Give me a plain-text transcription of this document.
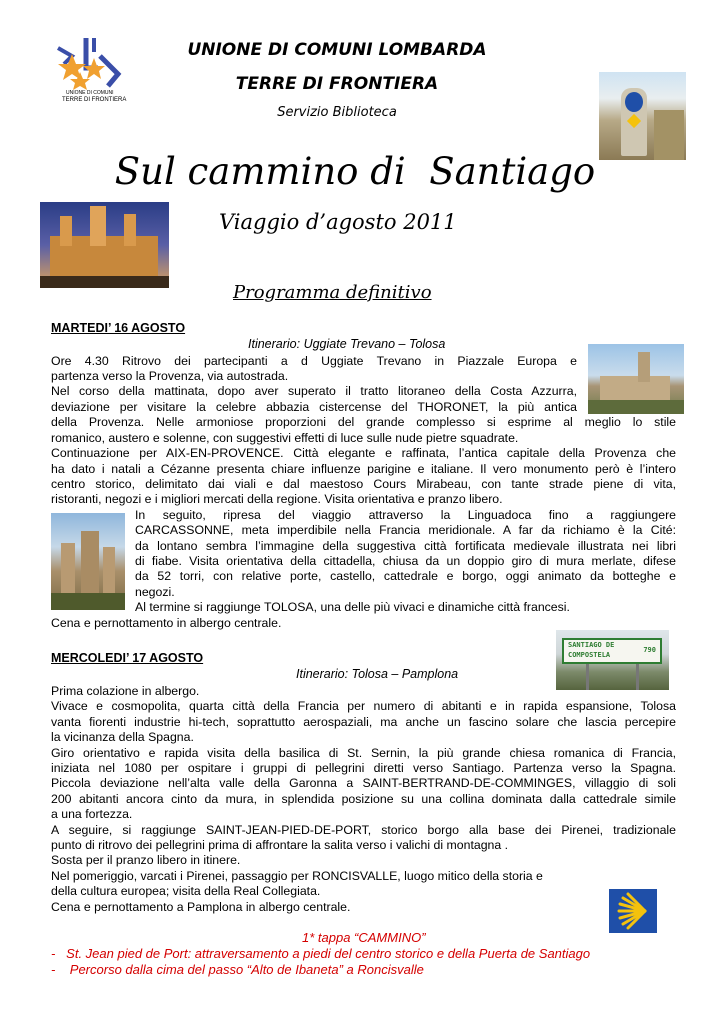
UNIONE DI COMUNI
TERRE DI FRONTIERA
UNIONE DI COMUNI LOMBARDA
TERRE DI FRONTIERA
Servizio Biblioteca
Sul cammino di  Santiago
Viaggio d’agosto 2011
Programma definitivo
MARTEDI’ 16 AGOSTO
Itinerario: Uggiate Trevano – Tolosa
Ore 4.30 Ritrovo dei partecipanti a d Uggiate Trevano in Piazzale Europa e
partenza verso la Provenza, via autostrada.
Nel corso della mattinata, dopo aver superato il tratto litoraneo della Costa Azzurra,
deviazione per visitare la celebre abbazia cistercense del THORONET, la più antica
della Provenza. Nelle armoniose proporzioni del grande complesso si esprime al meglio lo stile
romanico, austero e solenne, con suggestivi effetti di luce sulle nude pietre squadrate.
Continuazione per AIX-EN-PROVENCE. Città elegante e raffinata, l’antica capitale della Provenza che
ha dato i natali a Cézanne presenta chiare influenze parigine e italiane. Il vero monumento però è l’intero
centro storico, delimitato dai viali e dal maestoso Cours Mirabeau, con tante strade piene di vita,
ristoranti, negozi e i migliori mercati della regione. Visita orientativa e pranzo libero.
In seguito, ripresa del viaggio attraverso la Linguadoca fino a raggiungere
CARCASSONNE, meta imperdibile nella Francia meridionale. A far da richiamo è la Cité:
da lontano sembra l’immagine della suggestiva città fortificata medievale illustrata nei libri
di fiabe. Visita orientativa della cittadella, chiusa da un doppio giro di mura merlate, difese
da 52 torri, con relative porte, castello, cattedrale e borgo, oggi animato da botteghe e
negozi.
Al termine si raggiunge TOLOSA, una delle più vivaci e dinamiche città francesi.
Cena e pernottamento in albergo centrale.
SANTIAGO DE
COMPOSTELA
790
MERCOLEDI’ 17 AGOSTO
Itinerario: Tolosa – Pamplona
Prima colazione in albergo.
Vivace e cosmopolita, quarta città della Francia per numero di abitanti e in rapida espansione, Tolosa
vanta fiorenti industrie hi-tech, soprattutto aerospaziali, ma anche un fascino solare che lascia percepire
la vicinanza della Spagna.
Giro orientativo e rapida visita della basilica di St. Sernin, la più grande chiesa romanica di Francia,
iniziata nel 1080 per ospitare i gruppi di pellegrini diretti verso Santiago. Partenza verso la Spagna.
Piccola deviazione nell’alta valle della Garonna a SAINT-BERTRAND-DE-COMMINGES, villaggio di soli
200 abitanti ancora cinto da mura, in splendida posizione su una collina dominata dalla cattedrale simile
a una fortezza.
A seguire, si raggiunge SAINT-JEAN-PIED-DE-PORT, storico borgo alla base dei Pirenei, tradizionale
punto di ritrovo dei pellegrini prima di affrontare la salita verso i valichi di montagna .
Sosta per il pranzo libero in itinere.
Nel pomeriggio, varcati i Pirenei, passaggio per RONCISVALLE, luogo mitico della storia e
della cultura europea; visita della Real Collegiata.
Cena e pernottamento a Pamplona in albergo centrale.
1* tappa “CAMMINO”
-   St. Jean pied de Port: attraversamento a piedi del centro storico e della Puerta de Santiago
-    Percorso dalla cima del passo “Alto de Ibaneta” a Roncisvalle
